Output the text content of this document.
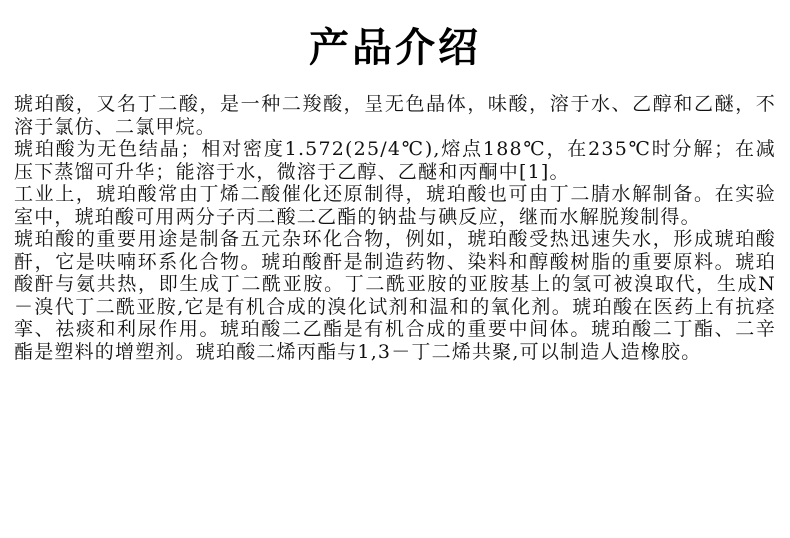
产品介绍

琥珀酸，又名丁二酸，是一种二羧酸，呈无色晶体，味酸，溶于水、乙醇和乙醚，不溶于氯仿、二氯甲烷。

琥珀酸为无色结晶；相对密度1.572(25/4℃),熔点188℃，在235℃时分解；在减压下蒸馏可升华；能溶于水，微溶于乙醇、乙醚和丙酮中[1]。

工业上，琥珀酸常由丁烯二酸催化还原制得，琥珀酸也可由丁二腈水解制备。在实验室中，琥珀酸可用两分子丙二酸二乙酯的钠盐与碘反应，继而水解脱羧制得。

琥珀酸的重要用途是制备五元杂环化合物，例如，琥珀酸受热迅速失水，形成琥珀酸酐，它是呋喃环系化合物。琥珀酸酐是制造药物、染料和醇酸树脂的重要原料。琥珀酸酐与氨共热，即生成丁二酰亚胺。丁二酰亚胺的亚胺基上的氢可被溴取代，生成N－溴代丁二酰亚胺,它是有机合成的溴化试剂和温和的氧化剂。琥珀酸在医药上有抗痉挛、祛痰和利尿作用。琥珀酸二乙酯是有机合成的重要中间体。琥珀酸二丁酯、二辛酯是塑料的增塑剂。琥珀酸二烯丙酯与1,3－丁二烯共聚,可以制造人造橡胶。
